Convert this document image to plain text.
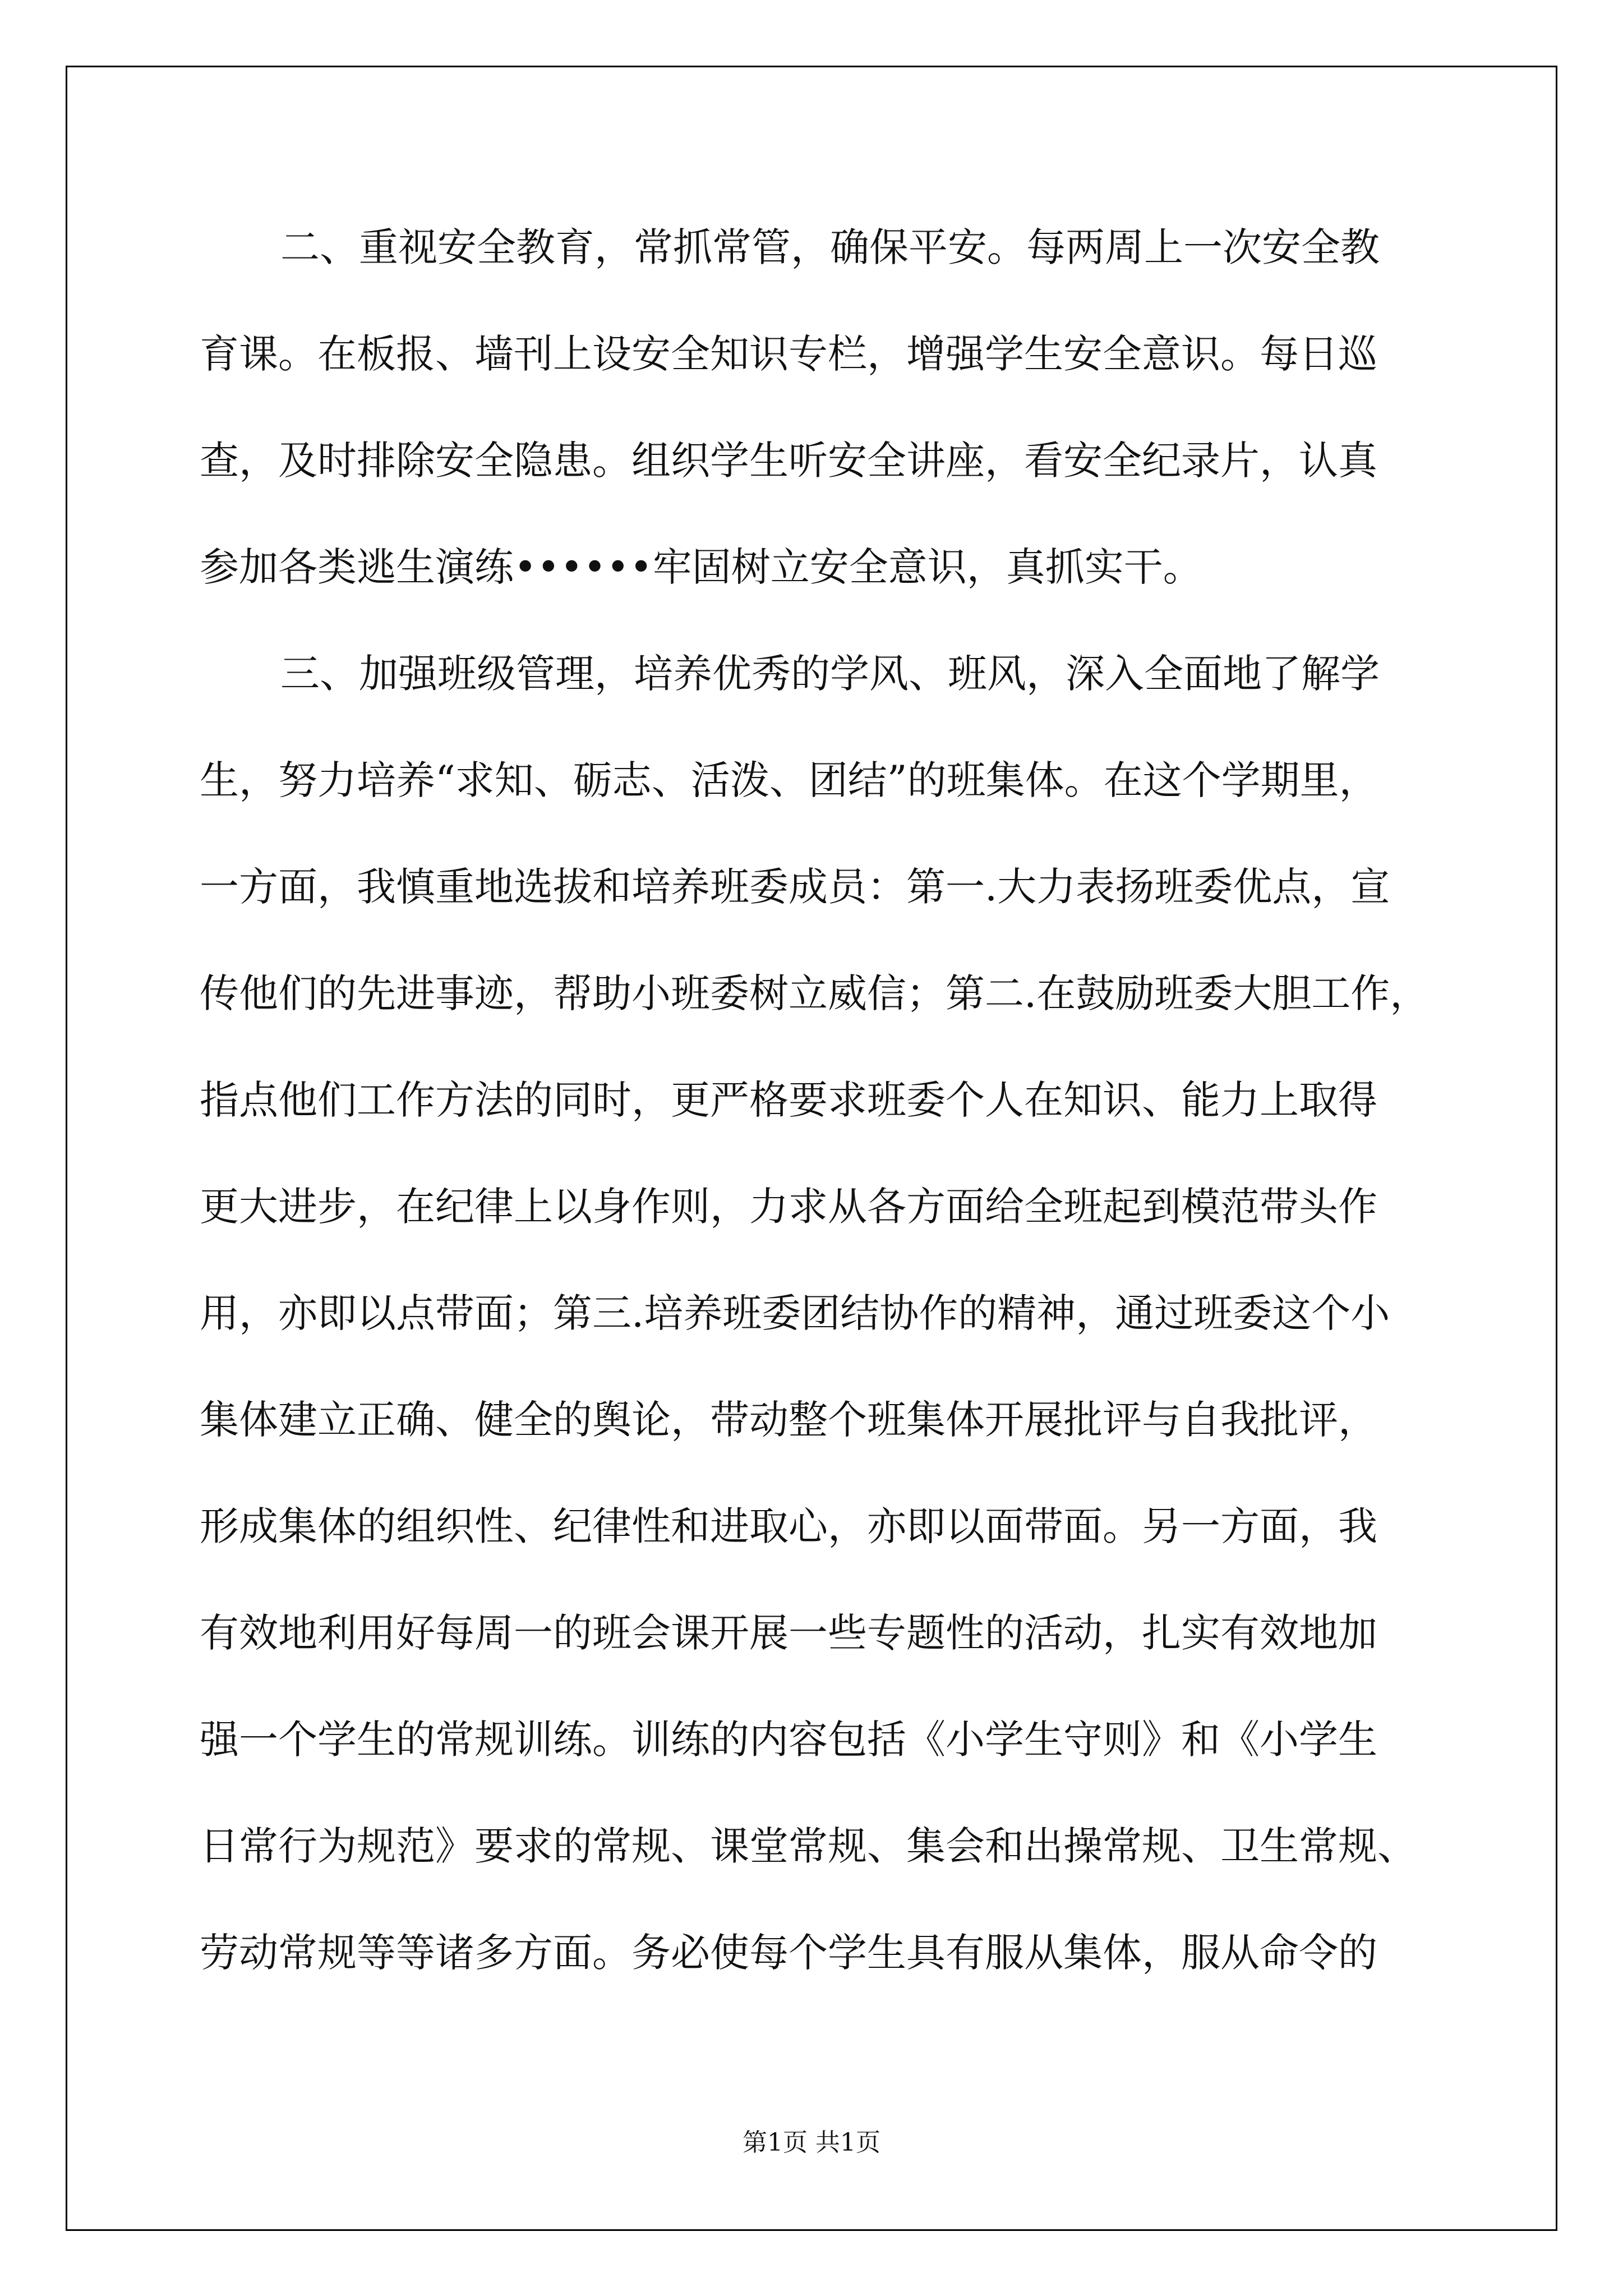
二、重视安全教育，常抓常管，确保平安。每两周上一次安全教
育课。在板报、墙刊上设安全知识专栏，增强学生安全意识。每日巡
查，及时排除安全隐患。组织学生听安全讲座，看安全纪录片，认真
参加各类逃生演练••••••牢固树立安全意识，真抓实干。
三、加强班级管理，培养优秀的学风、班风，深入全面地了解学
生，努力培养“求知、砺志、活泼、团结”的班集体。在这个学期里，
一方面，我慎重地选拔和培养班委成员：第一.大力表扬班委优点，宣
传他们的先进事迹，帮助小班委树立威信；第二.在鼓励班委大胆工作，
指点他们工作方法的同时，更严格要求班委个人在知识、能力上取得
更大进步，在纪律上以身作则，力求从各方面给全班起到模范带头作
用，亦即以点带面；第三.培养班委团结协作的精神，通过班委这个小
集体建立正确、健全的舆论，带动整个班集体开展批评与自我批评，
形成集体的组织性、纪律性和进取心，亦即以面带面。另一方面，我
有效地利用好每周一的班会课开展一些专题性的活动，扎实有效地加
强一个学生的常规训练。训练的内容包括《小学生守则》和《小学生
日常行为规范》要求的常规、课堂常规、集会和出操常规、卫生常规、
劳动常规等等诸多方面。务必使每个学生具有服从集体，服从命令的
第1页 共1页
